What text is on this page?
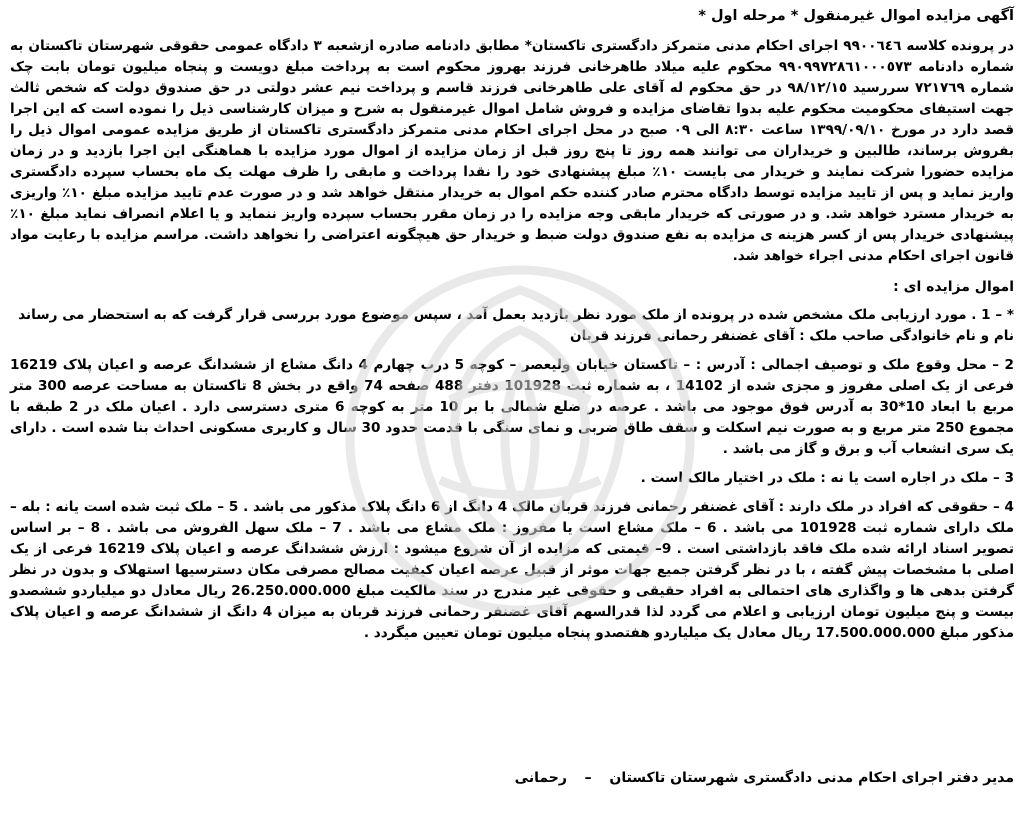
آگهی مزایده اموال غیرمنقول * مرحله اول *

در پرونده کلاسه ٩٩٠٠٦٤٦ اجرای احکام مدنی متمرکز دادگستری تاکستان* مطابق دادنامه صادره ازشعبه ٣ دادگاه عمومی حقوقی شهرستان تاکستان به شماره دادنامه ٩٩٠٩٩٧٢٨٦١٠٠٠٥٧٣ محکوم علیه میلاد طاهرخانی فرزند بهروز محکوم است به پرداخت مبلغ دویست و پنجاه میلیون تومان بابت چک شماره ٧٢١٧٦٩ سررسید ٩٨/١٢/١٥ در حق محکوم له آقای علی طاهرخانی فرزند قاسم و پرداخت نیم عشر دولتی در حق صندوق دولت که شخص ثالث جهت استیفای محکومیت محکوم علیه بدوا تقاضای مزایده و فروش شامل اموال غیرمنقول به شرح و میزان کارشناسی ذیل را نموده است که این اجرا قصد دارد در مورخ ١٣٩٩/٠٩/١٠ ساعت ٨:٣٠ الی ٠٩ صبح در محل اجرای احکام مدنی متمرکز دادگستری تاکستان از طریق مزایده عمومی اموال ذیل را بفروش برساند، طالبین و خریداران می توانند همه روز تا پنج روز قبل از زمان مزایده از اموال مورد مزایده با هماهنگی این اجرا بازدید و در زمان مزایده حضورا شرکت نمایند و خریدار می بایست ١٠٪ مبلغ پیشنهادی خود را نقدا پرداخت و مابقی را ظرف مهلت یک ماه بحساب سپرده دادگستری واریز نماید و پس از تایید مزایده توسط دادگاه محترم صادر کننده حکم اموال به خریدار منتقل خواهد شد و در صورت عدم تایید مزایده مبلغ ١٠٪ واریزی به خریدار مسترد خواهد شد. و در صورتی که خریدار مابقی وجه مزایده را در زمان مقرر بحساب سپرده واریز ننماید و یا اعلام انصراف نماید مبلغ ١٠٪ پیشنهادی خریدار پس از کسر هزینه ی مزایده به نفع صندوق دولت ضبط و خریدار حق هیچگونه اعتراضی را نخواهد داشت. مراسم مزایده با رعایت مواد قانون اجرای احکام مدنی اجراء خواهد شد.

اموال مزایده ای :

* – 1 . مورد ارزیابی ملک مشخص شده در پرونده از ملک مورد نظر بازدید بعمل آمد ، سپس موضوع مورد بررسی قرار گرفت که به استحضار می رساند

نام و نام خانوادگی صاحب ملک : آقای غضنفر رحمانی فرزند قربان

2 – محل وقوع ملک و توصیف اجمالی : آدرس : – تاکستان خیابان ولیعصر – کوچه 5 درب چهارم 4 دانگ مشاع از ششدانگ عرصه و اعیان پلاک 16219 فرعی از یک اصلی مفروز و مجزی شده از 14102 ، به شماره ثبت 101928 دفتر 488 صفحه 74 واقع در بخش 8 تاکستان به مساحت عرصه 300 متر مربع با ابعاد 10*30 به آدرس فوق موجود می باشد . عرصه در ضلع شمالی با بر 10 متر به کوچه 6 متری دسترسی دارد . اعیان ملک در 2 طبقه با مجموع 250 متر مربع و به صورت نیم اسکلت و سقف طاق ضربی و نمای سنگی با قدمت حدود 30 سال و کاربری مسکونی احداث بنا شده است . دارای یک سری انشعاب آب و برق و گاز می باشد .

3 – ملک در اجاره است یا نه : ملک در اختیار مالک است .

4 – حقوقی که افراد در ملک دارند : آقای غضنفر رحمانی فرزند قربان مالک 4 دانگ از 6 دانگ پلاک مذکور می باشد . 5 – ملک ثبت شده است یانه : بله – ملک دارای شماره ثبت 101928 می باشد . 6 – ملک مشاع است یا مفروز : ملک مشاع می باشد . 7 – ملک سهل الفروش می باشد . 8 – بر اساس تصویر اسناد ارائه شده ملک فاقد بازداشتی است . 9– قیمتی که مزایده از آن شروع میشود : ارزش ششدانگ عرصه و اعیان پلاک 16219 فرعی از یک اصلی با مشخصات پیش گفته ، با در نظر گرفتن جمیع جهات موثر از قبیل عرصه اعیان کیفیت مصالح مصرفی مکان دسترسیها استهلاک و بدون در نظر گرفتن بدهی ها و واگذاری های احتمالی به افراد حقیقی و حقوقی غیر مندرج در سند مالکیت مبلغ 26.250.000.000 ریال معادل دو میلیاردو ششصدو بیست و پنج میلیون تومان ارزیابی و اعلام می گردد لذا قدرالسهم آقای غضنفر رحمانی فرزند قربان به میزان 4 دانگ از ششدانگ عرصه و اعیان پلاک مذکور مبلغ 17.500.000.000 ریال معادل یک میلیاردو هفتصدو پنجاه میلیون تومان تعیین میگردد .

مدیر دفتر اجرای احکام مدنی دادگستری شهرستان تاکستان  –  رحمانی
